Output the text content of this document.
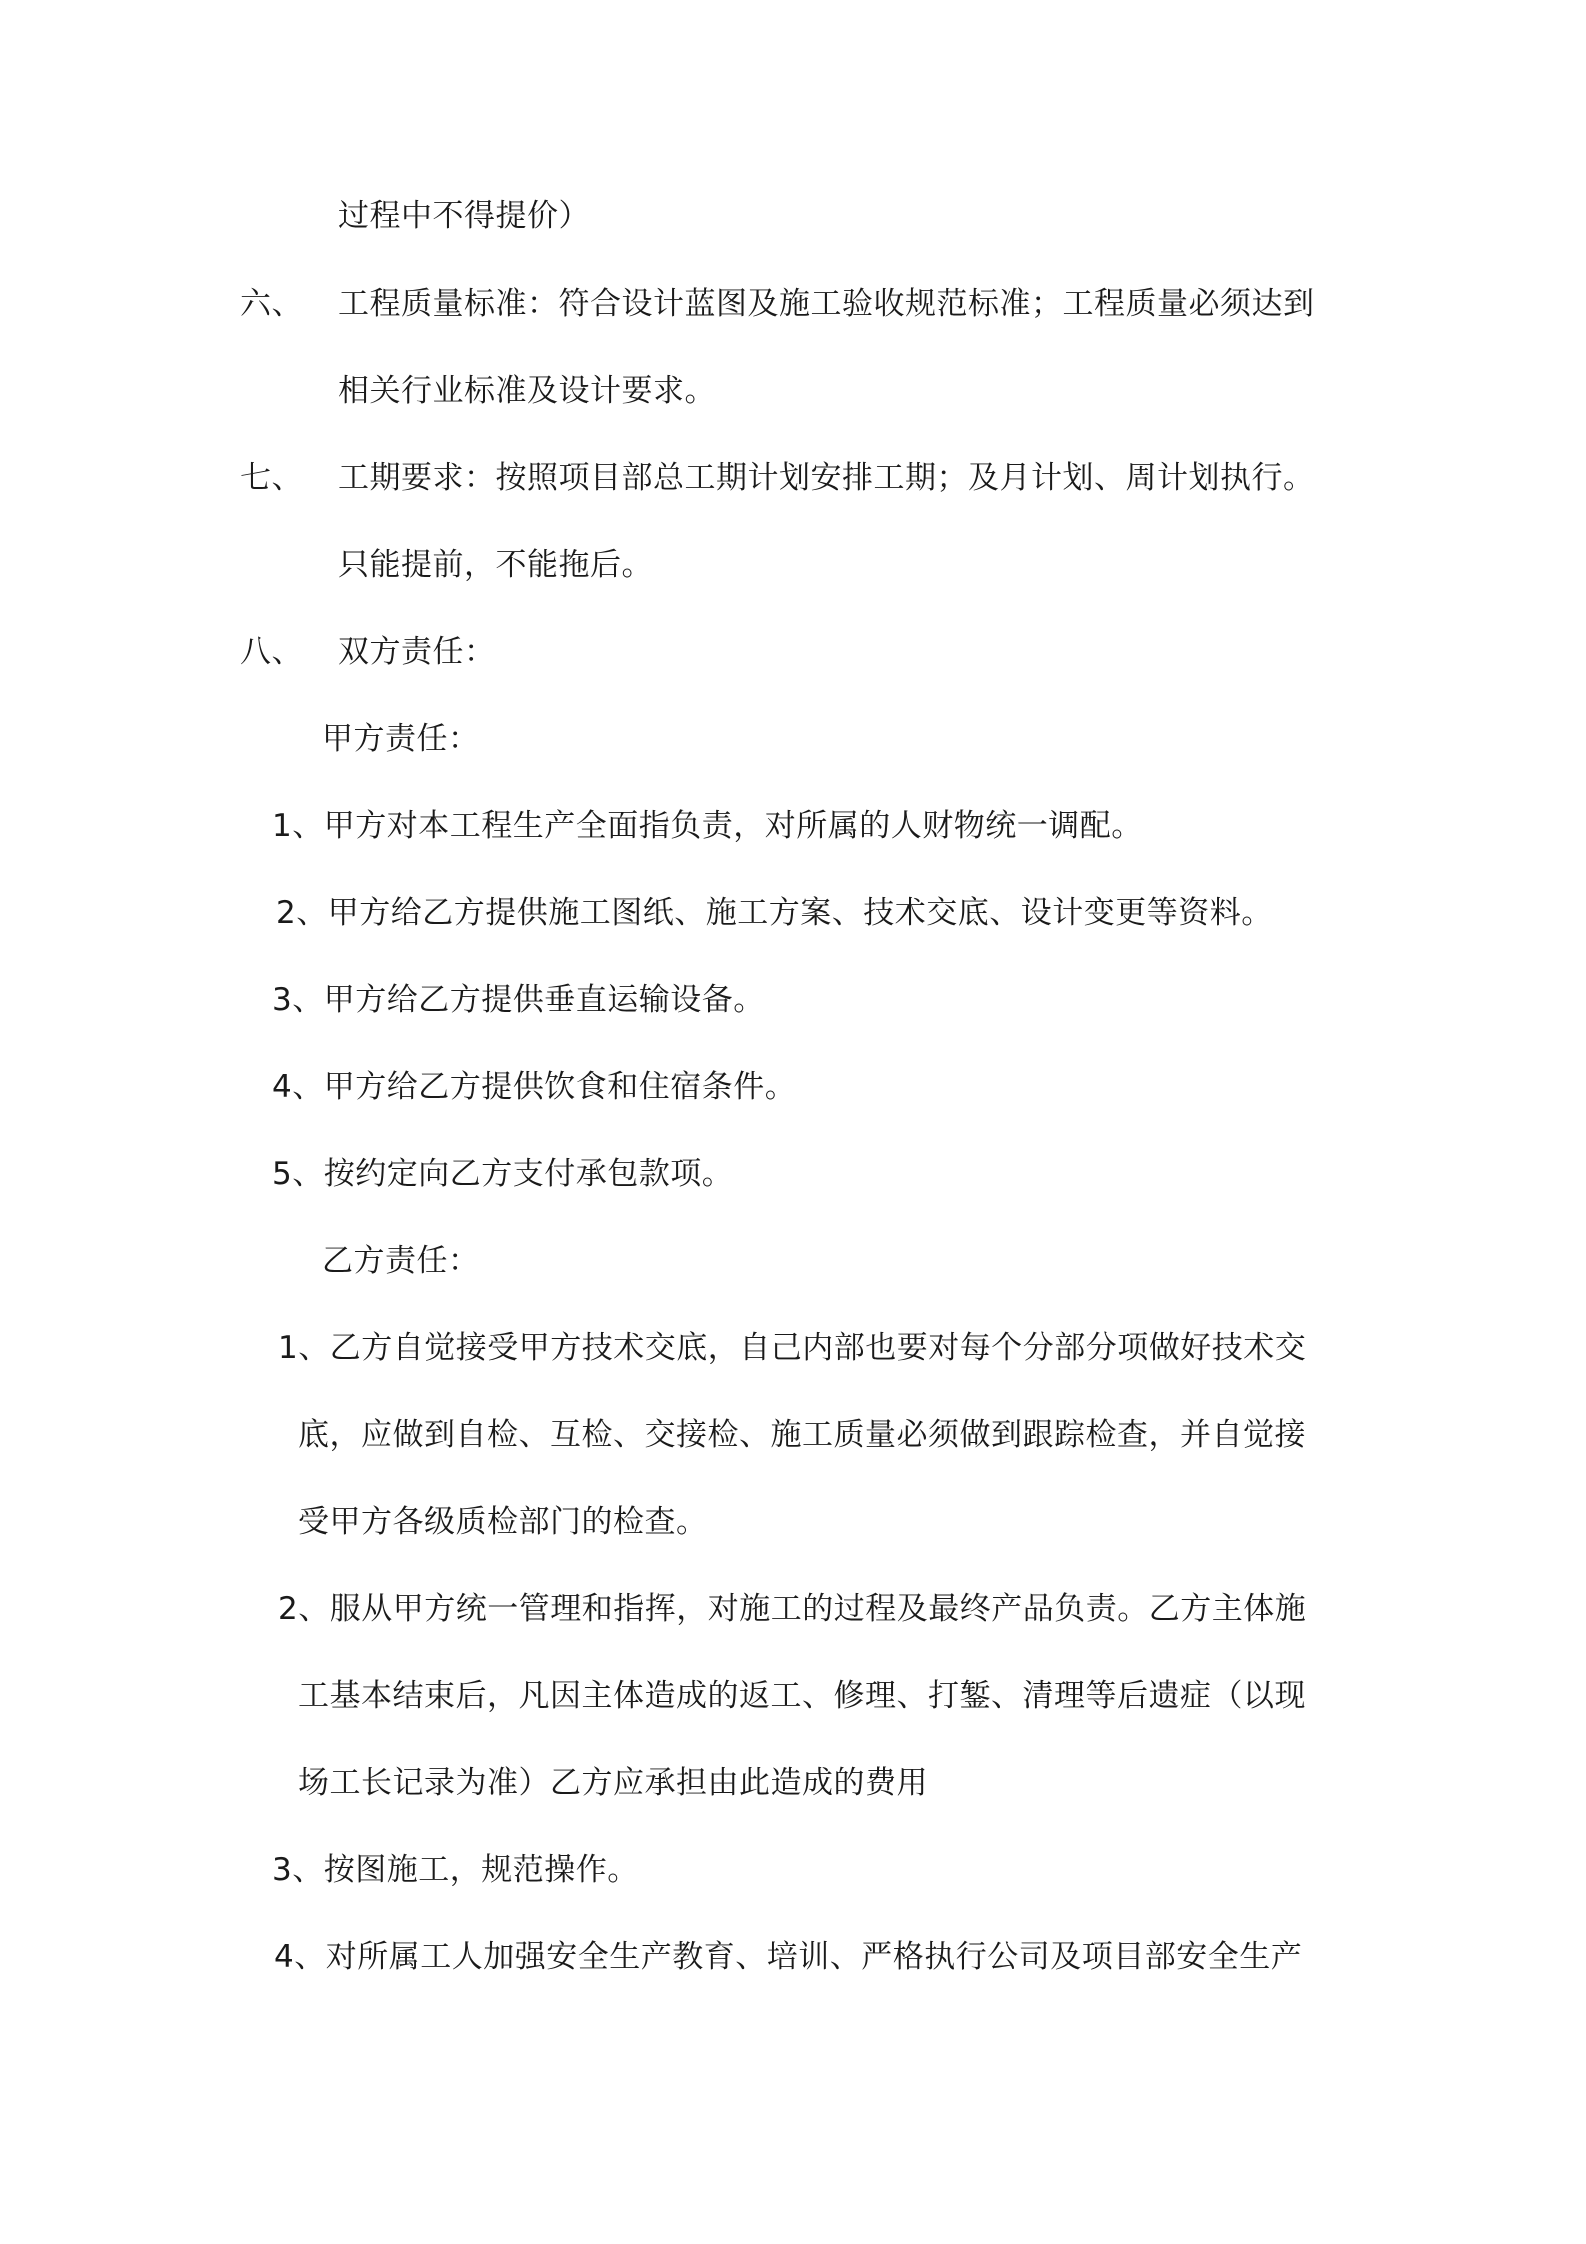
过程中不得提价）
六、 工程质量标准：符合设计蓝图及施工验收规范标准；工程质量必须达到
相关行业标准及设计要求。
七、 工期要求：按照项目部总工期计划安排工期；及月计划、周计划执行。
只能提前，不能拖后。
八、 双方责任：
甲方责任：
1、甲方对本工程生产全面指负责，对所属的人财物统一调配。
2、甲方给乙方提供施工图纸、施工方案、技术交底、设计变更等资料。
3、甲方给乙方提供垂直运输设备。
4、甲方给乙方提供饮食和住宿条件。
5、按约定向乙方支付承包款项。
乙方责任：
1、乙方自觉接受甲方技术交底，自己内部也要对每个分部分项做好技术交
底，应做到自检、互检、交接检、施工质量必须做到跟踪检查，并自觉接
受甲方各级质检部门的检查。
2、服从甲方统一管理和指挥，对施工的过程及最终产品负责。乙方主体施
工基本结束后，凡因主体造成的返工、修理、打錾、清理等后遗症（以现
场工长记录为准）乙方应承担由此造成的费用
3、按图施工，规范操作。
4、对所属工人加强安全生产教育、培训、严格执行公司及项目部安全生产
